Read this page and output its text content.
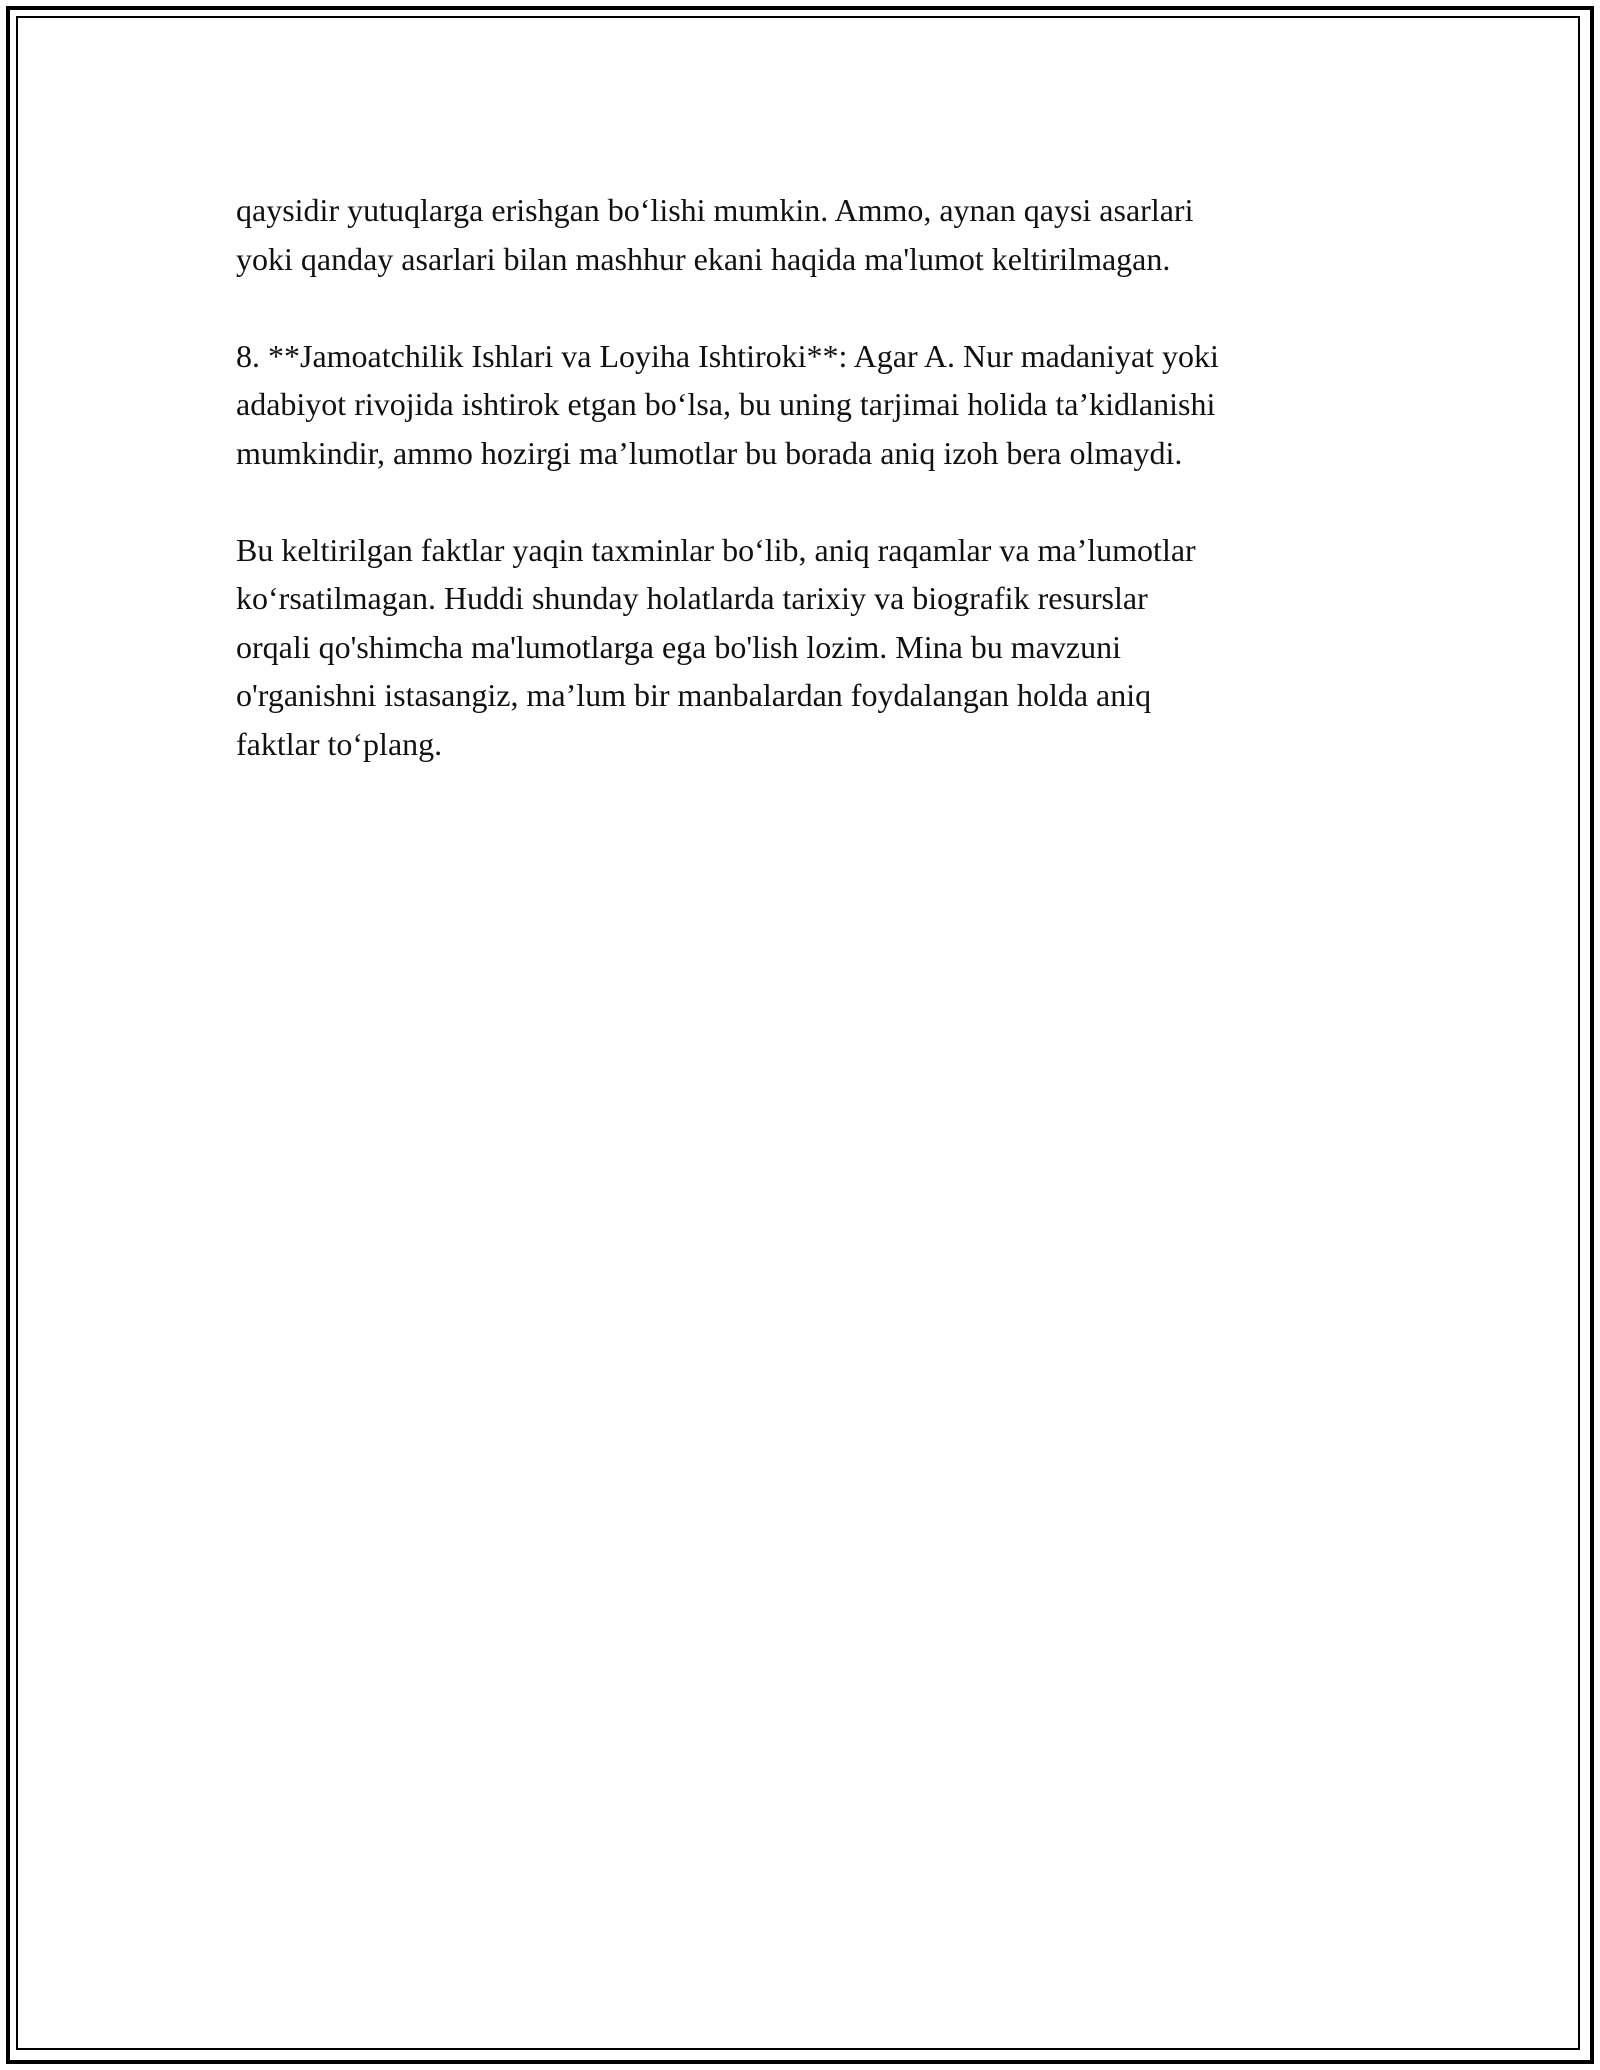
qaysidir yutuqlarga erishgan bo‘lishi mumkin. Ammo, aynan qaysi asarlari
yoki qanday asarlari bilan mashhur ekani haqida ma'lumot keltirilmagan.

8. **Jamoatchilik Ishlari va Loyiha Ishtiroki**: Agar A. Nur madaniyat yoki
adabiyot rivojida ishtirok etgan bo‘lsa, bu uning tarjimai holida ta’kidlanishi
mumkindir, ammo hozirgi ma’lumotlar bu borada aniq izoh bera olmaydi.

Bu keltirilgan faktlar yaqin taxminlar bo‘lib, aniq raqamlar va ma’lumotlar
ko‘rsatilmagan. Huddi shunday holatlarda tarixiy va biografik resurslar
orqali qo'shimcha ma'lumotlarga ega bo'lish lozim. Mina bu mavzuni
o'rganishni istasangiz, ma’lum bir manbalardan foydalangan holda aniq
faktlar to‘plang.
